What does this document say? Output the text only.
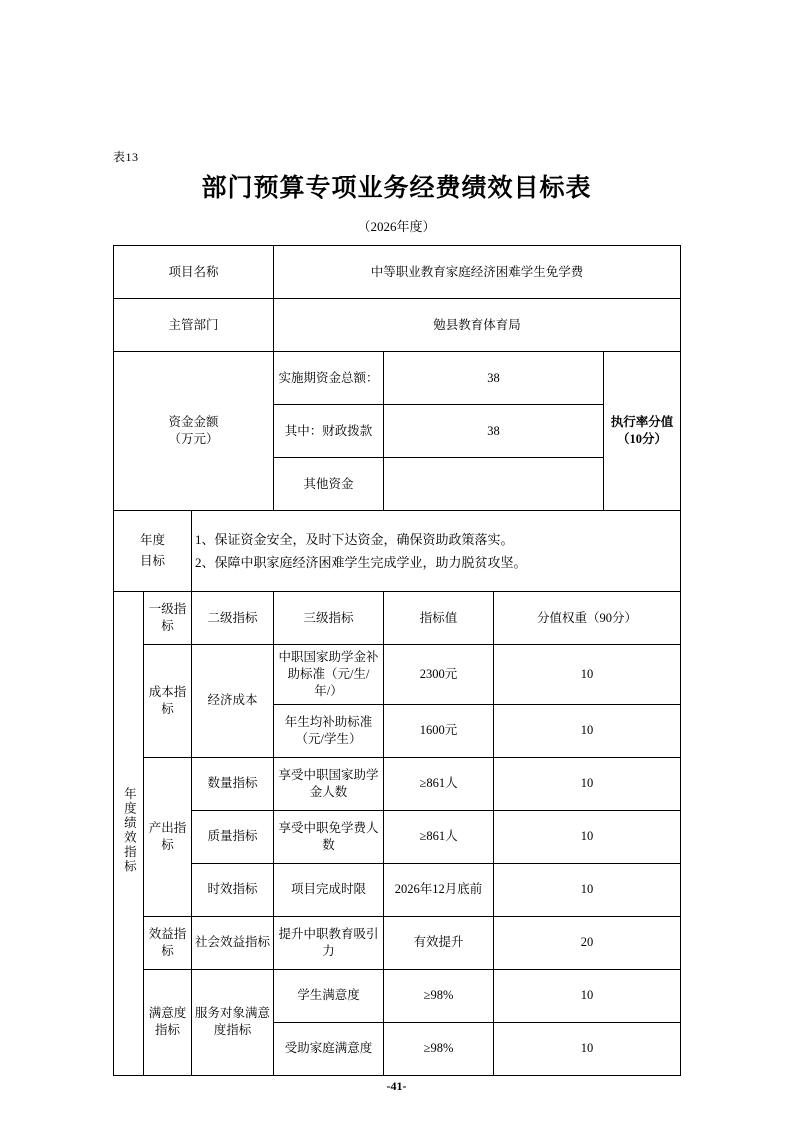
表13
部门预算专项业务经费绩效目标表
（2026年度）
项目名称			中等职业教育家庭经济困难学生免学费			
主管部门			勉县教育体育局			

资金金额
（万元）			实施期资金总额：	38		执行率分值（10分）
			其中：财政拨款	38		
			其他资金			
年度
目标	
1、保证资金安全，及时下达资金，确保资助政策落实。
2、保障中职家庭经济困难学生完成学业，助力脱贫攻坚。

年度绩效指标	一级指标	二级指标	三级指标	指标值	分值权重（90分）	
	成本指标	经济成本	中职国家助学金补助标准（元/生/年/）	2300元	10	
			年生均补助标准（元/学生）	1600元	10	
	产出指标	数量指标	享受中职国家助学金人数	≥861人	10	
		质量指标	享受中职免学费人数	≥861人	10	
		时效指标	项目完成时限	2026年12月底前	10	
	效益指标	社会效益指标	提升中职教育吸引力	有效提升	20	
	满意度指标	服务对象满意度指标	学生满意度	≥98%	10	
			受助家庭满意度	≥98%	10	
-41-
